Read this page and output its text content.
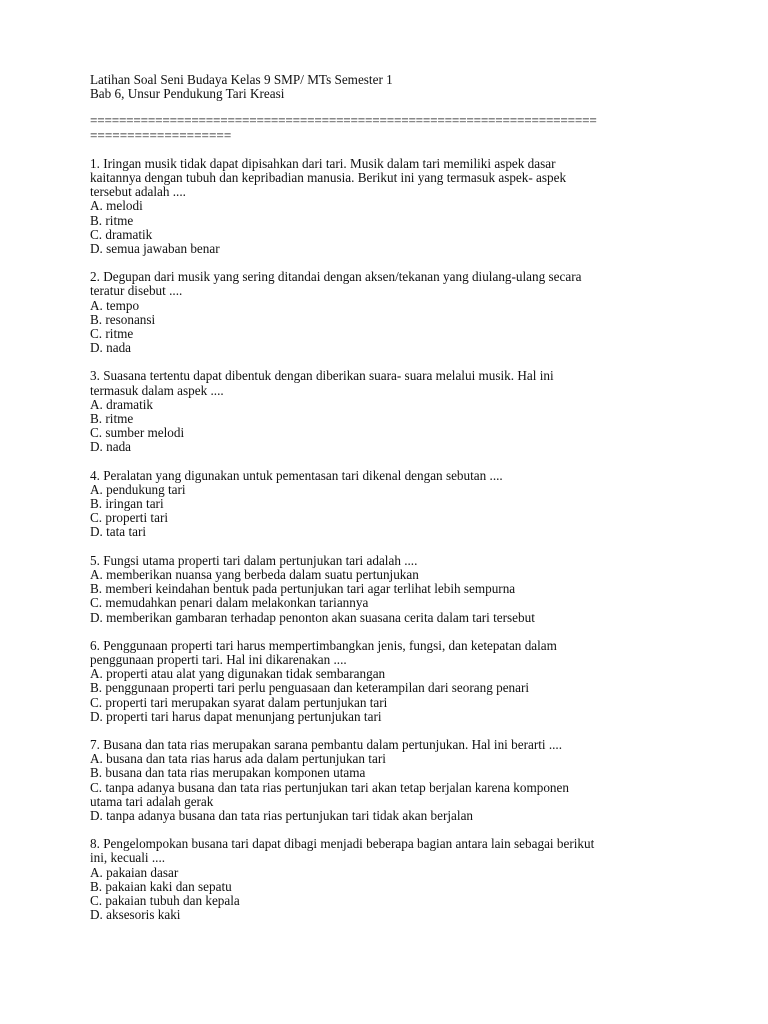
Latihan Soal Seni Budaya Kelas 9 SMP/ MTs Semester 1
Bab 6, Unsur Pendukung Tari Kreasi
======================================================================
===================
1. Iringan musik tidak dapat dipisahkan dari tari. Musik dalam tari memiliki aspek dasar
kaitannya dengan tubuh dan kepribadian manusia. Berikut ini yang termasuk aspek- aspek
tersebut adalah ....
A. melodi
B. ritme
C. dramatik
D. semua jawaban benar
2. Degupan dari musik yang sering ditandai dengan aksen/tekanan yang diulang-ulang secara
teratur disebut ....
A. tempo
B. resonansi
C. ritme
D. nada
3. Suasana tertentu dapat dibentuk dengan diberikan suara- suara melalui musik. Hal ini
termasuk dalam aspek ....
A. dramatik
B. ritme
C. sumber melodi
D. nada
4. Peralatan yang digunakan untuk pementasan tari dikenal dengan sebutan ....
A. pendukung tari
B. iringan tari
C. properti tari
D. tata tari
5. Fungsi utama properti tari dalam pertunjukan tari adalah ....
A. memberikan nuansa yang berbeda dalam suatu pertunjukan
B. memberi keindahan bentuk pada pertunjukan tari agar terlihat lebih sempurna
C. memudahkan penari dalam melakonkan tariannya
D. memberikan gambaran terhadap penonton akan suasana cerita dalam tari tersebut
6. Penggunaan properti tari harus mempertimbangkan jenis, fungsi, dan ketepatan dalam
penggunaan properti tari. Hal ini dikarenakan ....
A. properti atau alat yang digunakan tidak sembarangan
B. penggunaan properti tari perlu penguasaan dan keterampilan dari seorang penari
C. properti tari merupakan syarat dalam pertunjukan tari
D. properti tari harus dapat menunjang pertunjukan tari
7. Busana dan tata rias merupakan sarana pembantu dalam pertunjukan. Hal ini berarti ....
A. busana dan tata rias harus ada dalam pertunjukan tari
B. busana dan tata rias merupakan komponen utama
C. tanpa adanya busana dan tata rias pertunjukan tari akan tetap berjalan karena komponen
utama tari adalah gerak
D. tanpa adanya busana dan tata rias pertunjukan tari tidak akan berjalan
8. Pengelompokan busana tari dapat dibagi menjadi beberapa bagian antara lain sebagai berikut
ini, kecuali ....
A. pakaian dasar
B. pakaian kaki dan sepatu
C. pakaian tubuh dan kepala
D. aksesoris kaki
